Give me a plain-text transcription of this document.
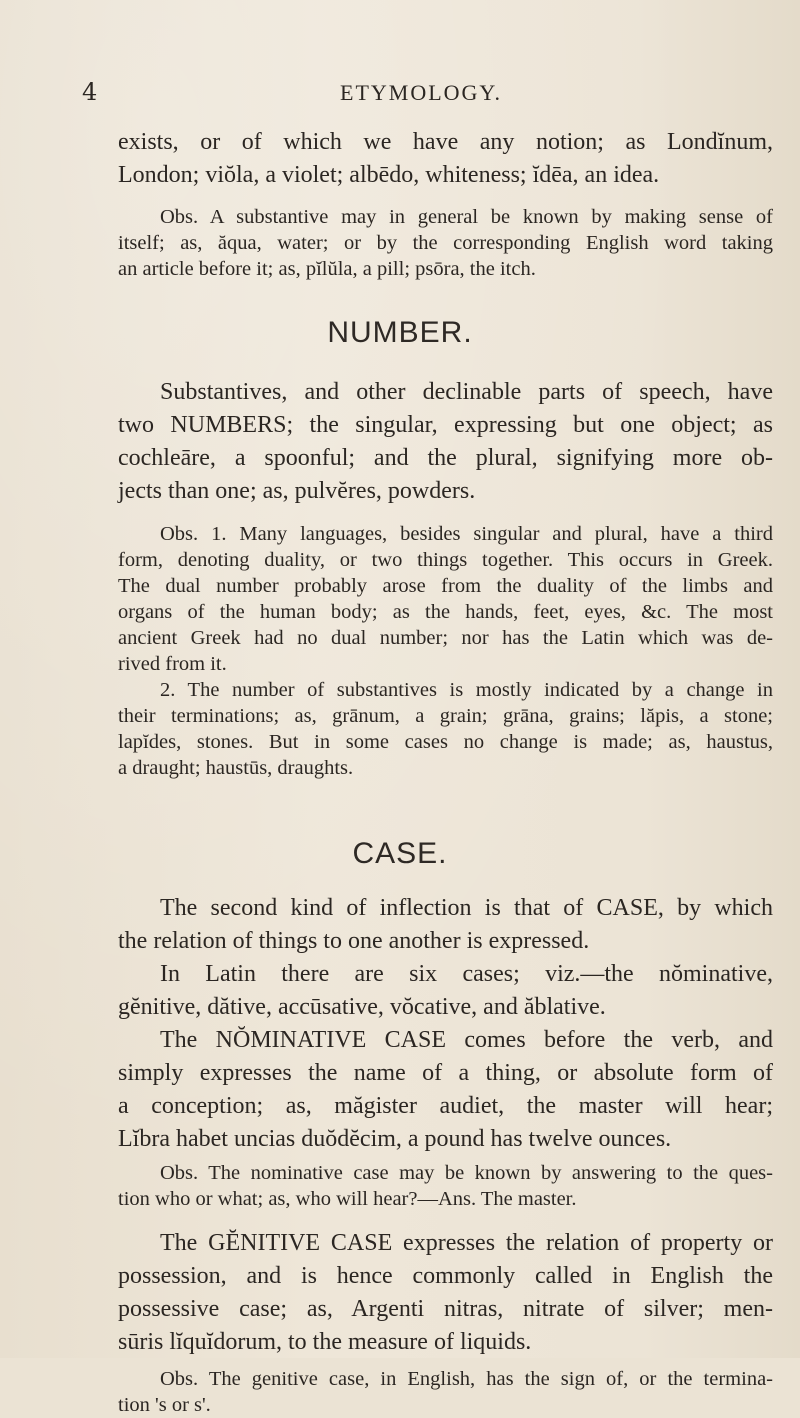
4	ETYMOLOGY.
exists, or of which we have any notion; as Londĭnum,
London; viŏla, a violet; albēdo, whiteness; ĭdēa, an idea.
Obs. A substantive may in general be known by making sense of
itself; as, ăqua, water; or by the corresponding English word taking
an article before it; as, pĭlŭla, a pill; psōra, the itch.
NUMBER.
Substantives, and other declinable parts of speech, have
two NUMBERS; the singular, expressing but one object; as
cochleāre, a spoonful; and the plural, signifying more ob-
jects than one; as, pulvĕres, powders.
Obs. 1. Many languages, besides singular and plural, have a third
form, denoting duality, or two things together. This occurs in Greek.
The dual number probably arose from the duality of the limbs and
organs of the human body; as the hands, feet, eyes, &c. The most
ancient Greek had no dual number; nor has the Latin which was de-
rived from it.
2. The number of substantives is mostly indicated by a change in
their terminations; as, grānum, a grain; grāna, grains; lăpis, a stone;
lapĭdes, stones. But in some cases no change is made; as, haustus,
a draught; haustūs, draughts.
CASE.
The second kind of inflection is that of CASE, by which
the relation of things to one another is expressed.
In Latin there are six cases; viz.—the nŏminative,
gĕnitive, dătive, accūsative, vŏcative, and ăblative.
The NŎMINATIVE CASE comes before the verb, and
simply expresses the name of a thing, or absolute form of
a conception; as, măgister audiet, the master will hear;
Lĭbra habet uncias duŏdĕcim, a pound has twelve ounces.
Obs. The nominative case may be known by answering to the ques-
tion who or what; as, who will hear?—Ans. The master.
The GĔNITIVE CASE expresses the relation of property or
possession, and is hence commonly called in English the
possessive case; as, Argenti nitras, nitrate of silver; men-
sūris lĭquĭdorum, to the measure of liquids.
Obs. The genitive case, in English, has the sign of, or the termina-
tion 's or s'.
